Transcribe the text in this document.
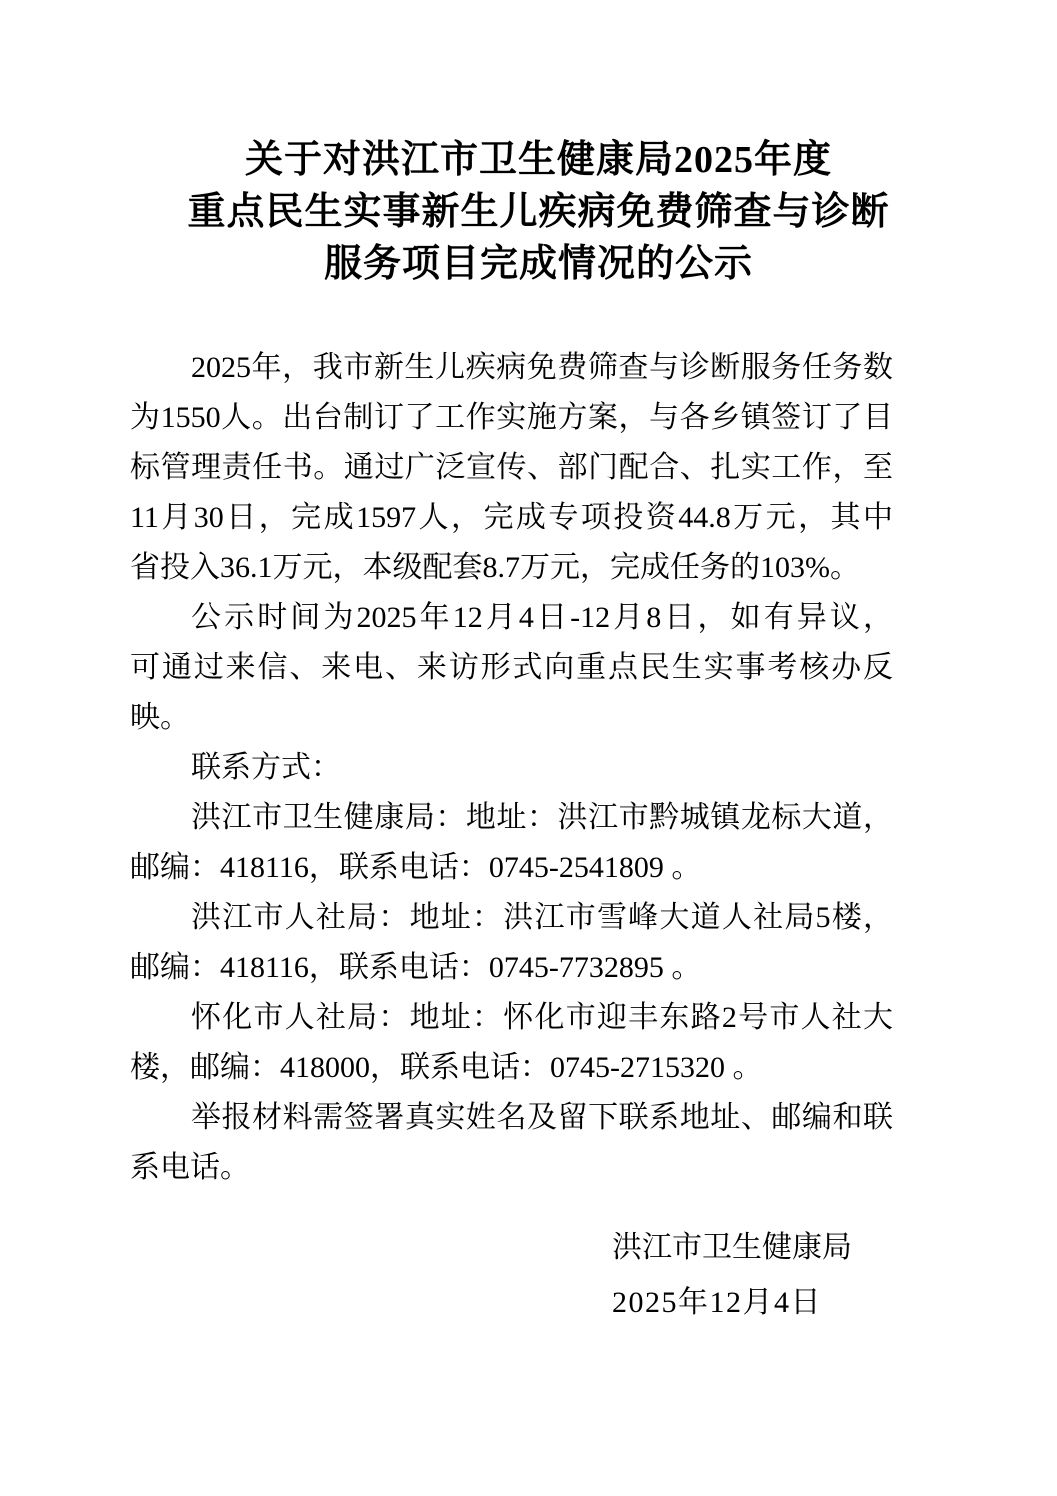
关于对洪江市卫生健康局2025年度
重点民生实事新生儿疾病免费筛查与诊断
服务项目完成情况的公示
2025年，我市新生儿疾病免费筛查与诊断服务任务数
为1550人。出台制订了工作实施方案，与各乡镇签订了目
标管理责任书。通过广泛宣传、部门配合、扎实工作，至
11月30日，完成1597人，完成专项投资44.8万元，其中
省投入36.1万元，本级配套8.7万元，完成任务的103%。
公示时间为2025年12月4日-12月8日，如有异议，
可通过来信、来电、来访形式向重点民生实事考核办反
映。
联系方式：
洪江市卫生健康局：地址：洪江市黔城镇龙标大道，
邮编：418116，联系电话：0745-2541809 。
洪江市人社局：地址：洪江市雪峰大道人社局5楼，
邮编：418116，联系电话：0745-7732895 。
怀化市人社局：地址：怀化市迎丰东路2号市人社大
楼，邮编：418000，联系电话：0745-2715320 。
举报材料需签署真实姓名及留下联系地址、邮编和联
系电话。
洪江市卫生健康局
2025年12月4日
